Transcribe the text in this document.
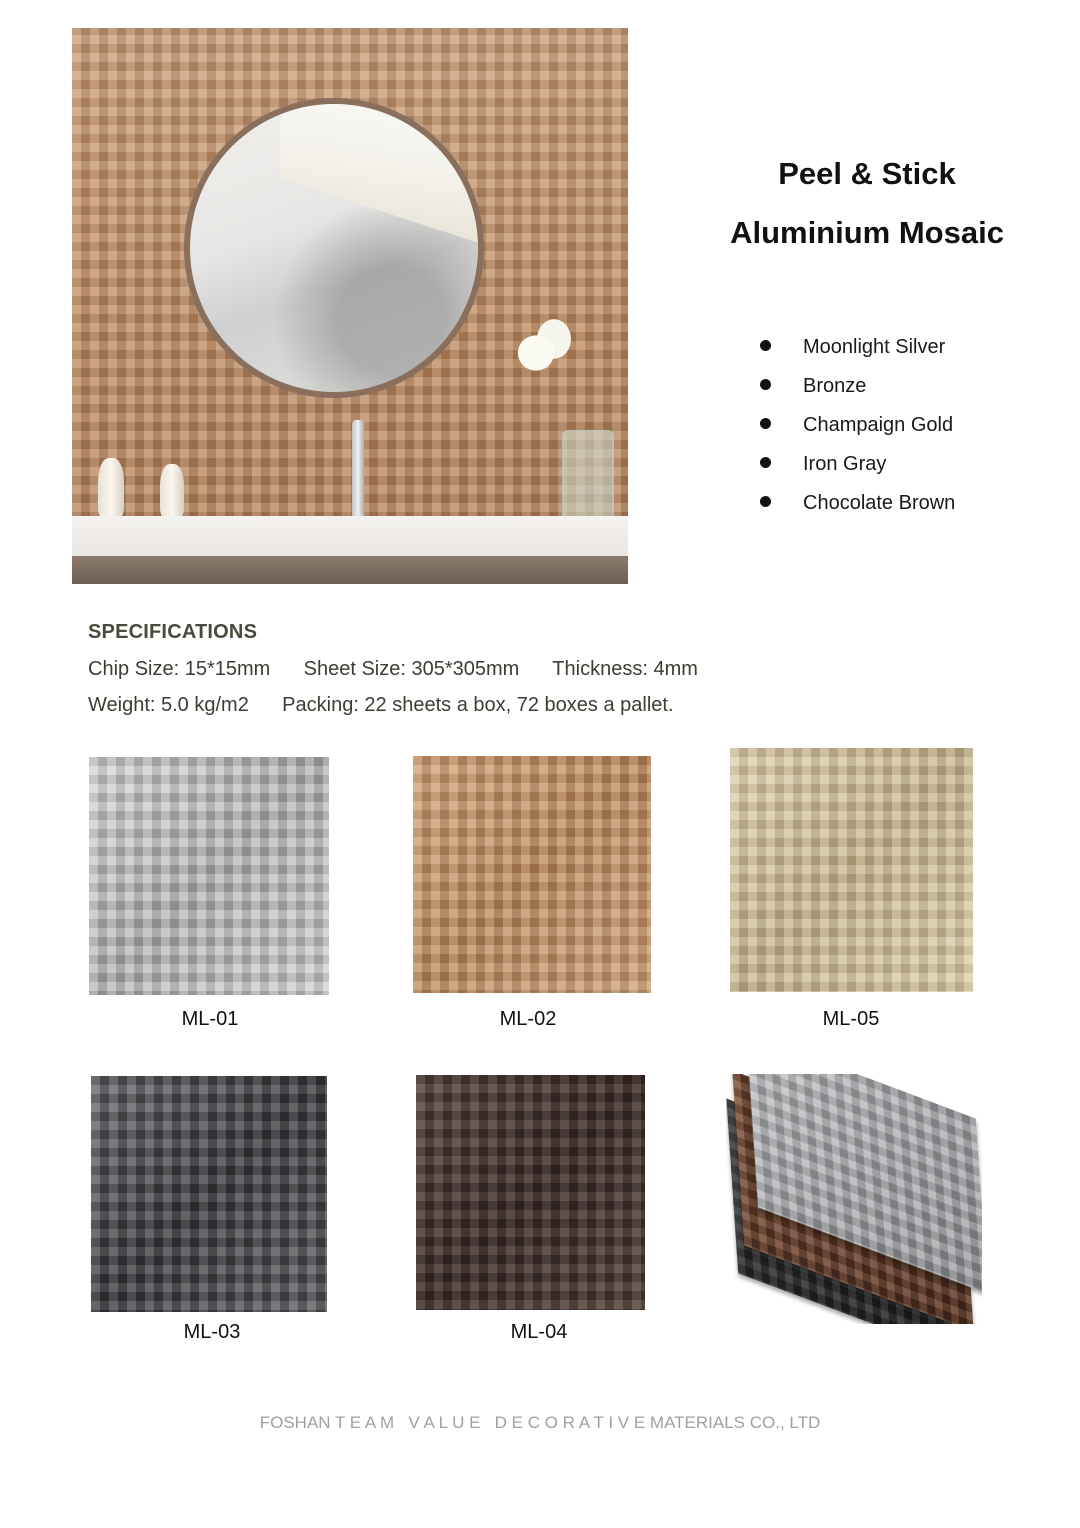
Peel & Stick
Aluminium Mosaic
Moonlight Silver
Bronze
Champaign Gold
Iron Gray
Chocolate Brown
SPECIFICATIONS
Chip Size: 15*15mm      Sheet Size: 305*305mm      Thickness: 4mm
Weight: 5.0 kg/m2      Packing: 22 sheets a box, 72 boxes a pallet.
ML-01	ML-02	ML-05
ML-03	ML-04
FOSHAN T E A M   V A L U E   D E C O R A T I V E MATERIALS CO., LTD
